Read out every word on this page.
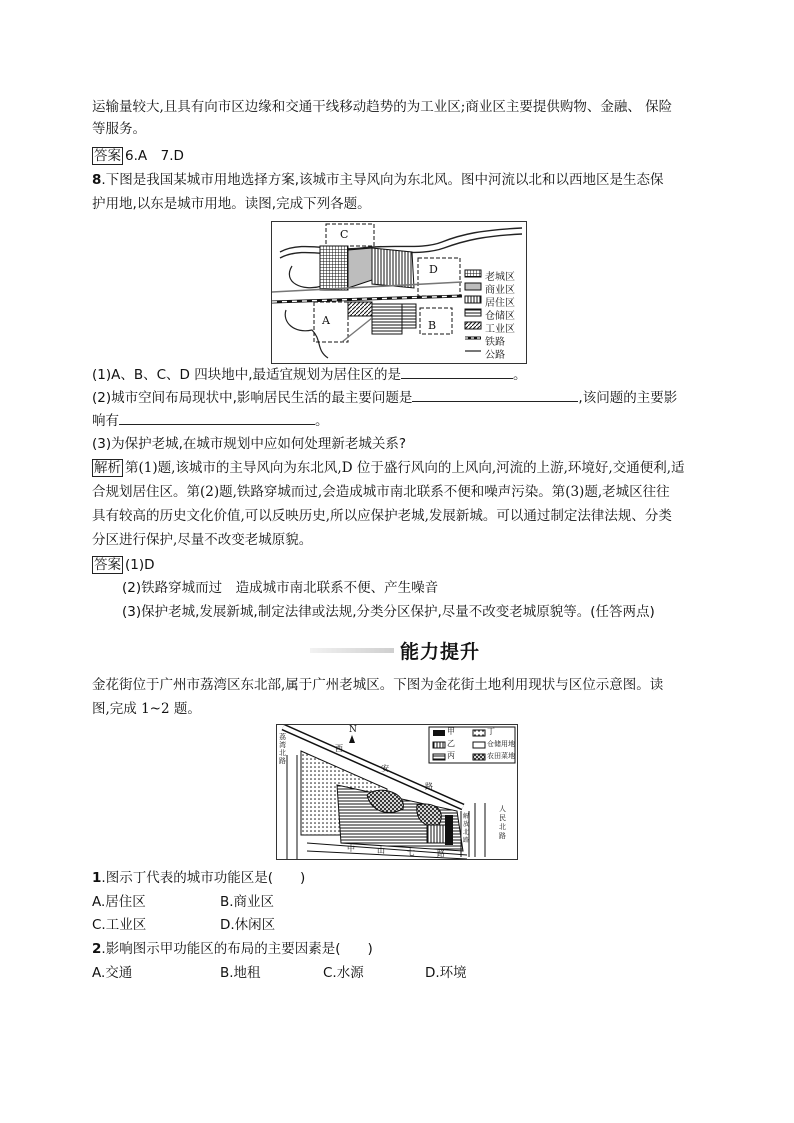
运输量较大,且具有向市区边缘和交通干线移动趋势的为工业区;商业区主要提供购物、金融、 保险
等服务。
答案 6.A　7.D
8.下图是我国某城市用地选择方案,该城市主导风向为东北风。图中河流以北和以西地区是生态保
护用地,以东是城市用地。读图,完成下列各题。
C
D
A	B
老城区
商业区
居住区
仓储区
工业区
铁路
公路
(1)A、B、C、D 四块地中,最适宜规划为居住区的是	。
(2)城市空间布局现状中,影响居民生活的最主要问题是	,该问题的主要影
响有	。
(3)为保护老城,在城市规划中应如何处理新老城关系?
解析 第(1)题,该城市的主导风向为东北风,D 位于盛行风向的上风向,河流的上游,环境好,交通便利,适
合规划居住区。第(2)题,铁路穿城而过,会造成城市南北联系不便和噪声污染。第(3)题,老城区往往
具有较高的历史文化价值,可以反映历史,所以应保护老城,发展新城。可以通过制定法律法规、分类
分区进行保护,尽量不改变老城原貌。
答案 (1)D
(2)铁路穿城而过　造成城市南北联系不便、产生噪音
(3)保护老城,发展新城,制定法律或法规,分类分区保护,尽量不改变老城原貌等。(任答两点)
能力提升
金花街位于广州市荔湾区东北部,属于广州老城区。下图为金花街土地利用现状与区位示意图。读
图,完成 1~2 题。
N	甲	丁
乙	仓储用地
丙	农田菜地
荔湾北路
西
安
路
中	山	七	路
人民北路
解放北路
1.图示丁代表的城市功能区是(　　)
A.居住区	B.商业区
C.工业区	D.休闲区
2.影响图示甲功能区的布局的主要因素是(　　)
A.交通	B.地租	C.水源	D.环境
